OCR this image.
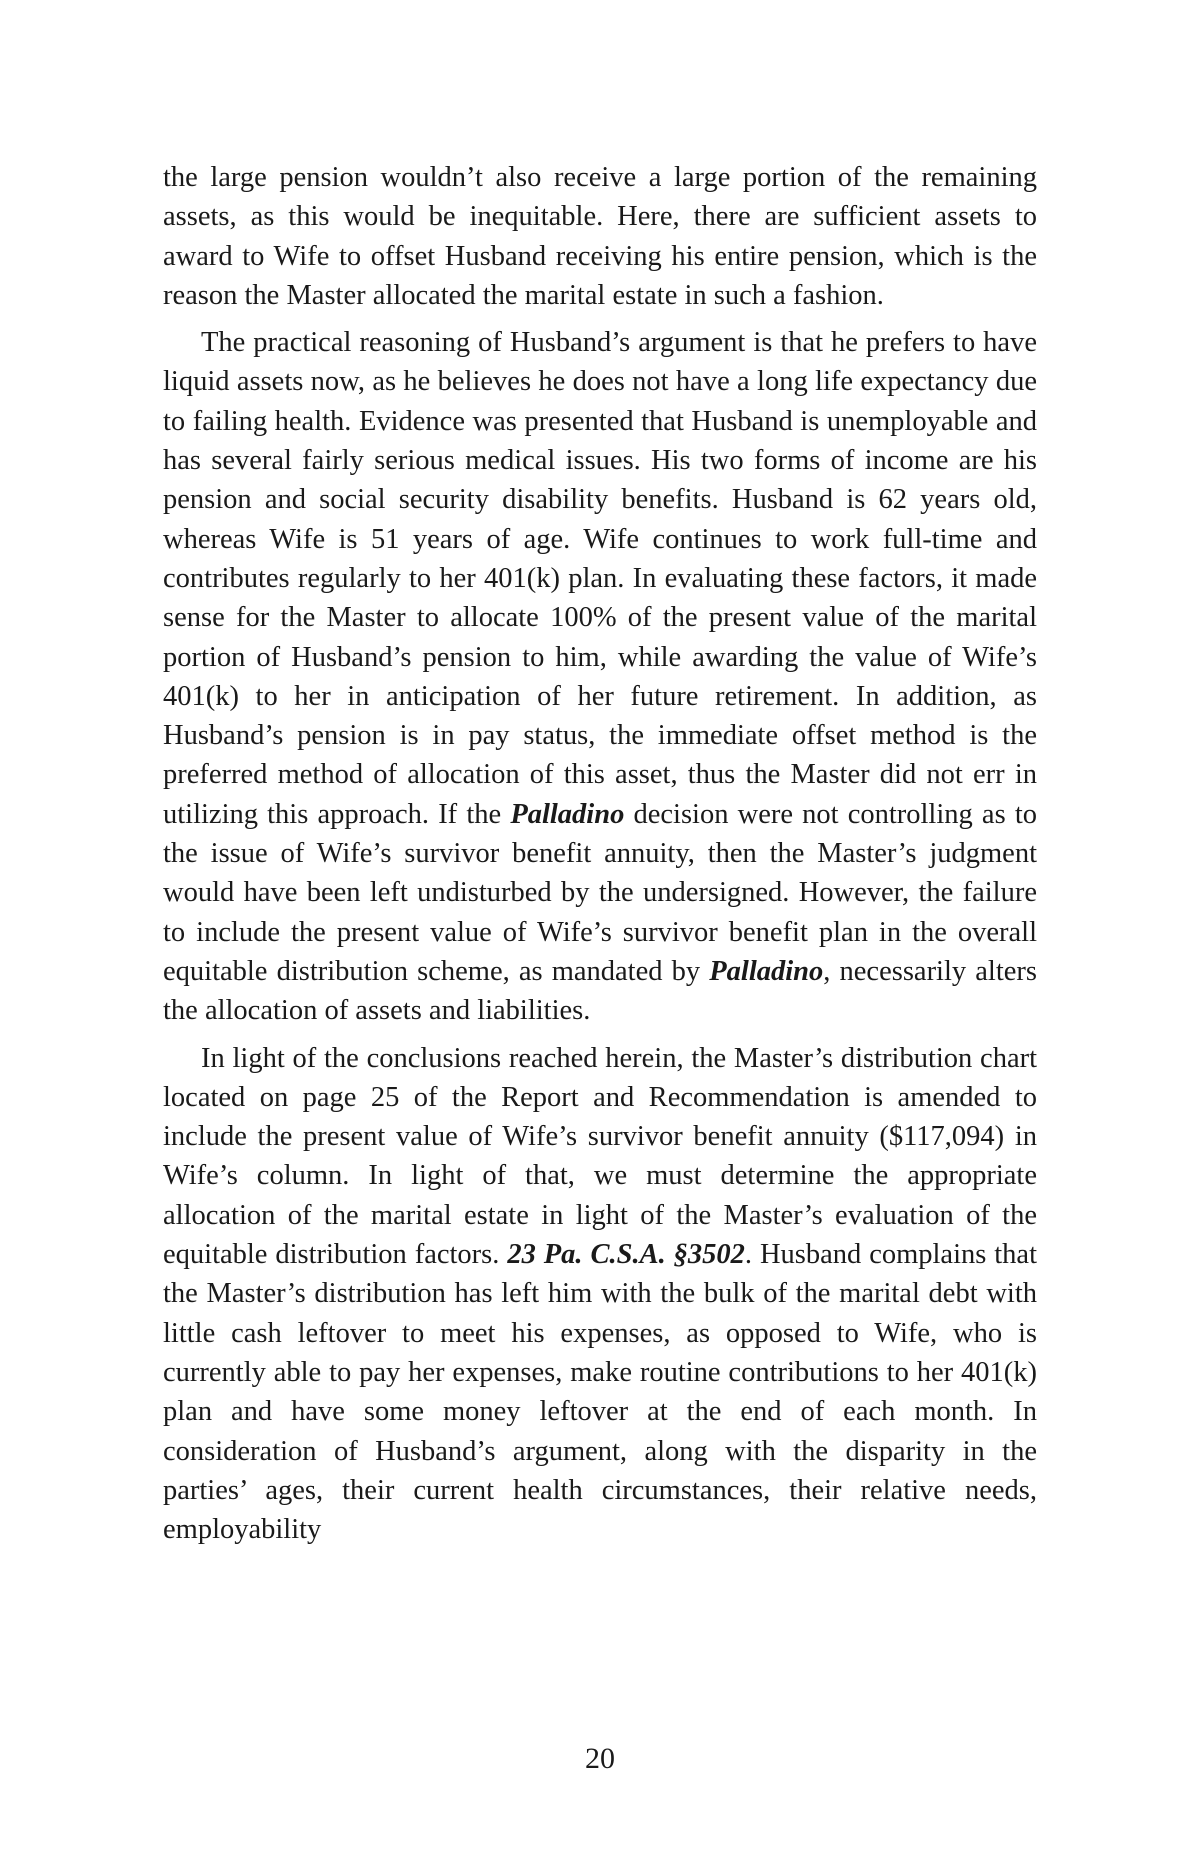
the large pension wouldn’t also receive a large portion of the remaining assets, as this would be inequitable. Here, there are sufficient assets to award to Wife to offset Husband receiving his entire pension, which is the reason the Master allocated the marital estate in such a fashion.

The practical reasoning of Husband’s argument is that he prefers to have liquid assets now, as he believes he does not have a long life expectancy due to failing health. Evidence was presented that Husband is unemployable and has several fairly serious medical issues. His two forms of income are his pension and social security disability benefits. Husband is 62 years old, whereas Wife is 51 years of age. Wife continues to work full-time and contributes regularly to her 401(k) plan. In evaluating these factors, it made sense for the Master to allocate 100% of the present value of the marital portion of Husband’s pension to him, while awarding the value of Wife’s 401(k) to her in anticipation of her future retirement. In addition, as Husband’s pension is in pay status, the immediate offset method is the preferred method of allocation of this asset, thus the Master did not err in utilizing this approach. If the Palladino decision were not controlling as to the issue of Wife’s survivor benefit annuity, then the Master’s judgment would have been left undisturbed by the undersigned. However, the failure to include the present value of Wife’s survivor benefit plan in the overall equitable distribution scheme, as mandated by Palladino, necessarily alters the allocation of assets and liabilities.

In light of the conclusions reached herein, the Master’s distribution chart located on page 25 of the Report and Recommendation is amended to include the present value of Wife’s survivor benefit annuity ($117,094) in Wife’s column. In light of that, we must determine the appropriate allocation of the marital estate in light of the Master’s evaluation of the equitable distribution factors. 23 Pa. C.S.A. §3502. Husband complains that the Master’s distribution has left him with the bulk of the marital debt with little cash leftover to meet his expenses, as opposed to Wife, who is currently able to pay her expenses, make routine contributions to her 401(k) plan and have some money leftover at the end of each month. In consideration of Husband’s argument, along with the disparity in the parties’ ages, their current health circumstances, their relative needs, employability

20
